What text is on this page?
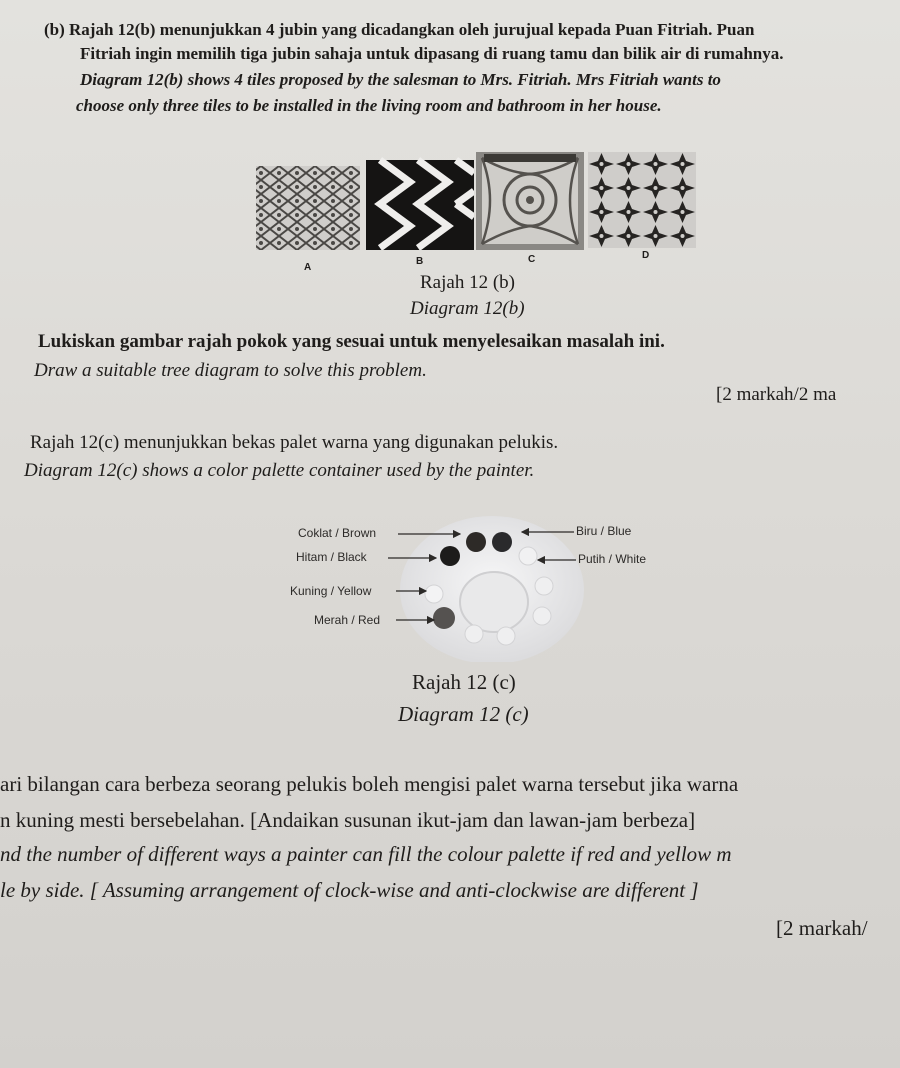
(b) Rajah 12(b) menunjukkan 4 jubin yang dicadangkan oleh jurujual kepada Puan Fitriah. Puan
Fitriah ingin memilih tiga jubin sahaja untuk dipasang di ruang tamu dan bilik air di rumahnya.
Diagram 12(b) shows 4 tiles proposed by the salesman to Mrs. Fitriah. Mrs Fitriah wants to
choose only three tiles to be installed in the living room and bathroom in her house.
A
B	C	D
Rajah 12 (b)
Diagram 12(b)
Lukiskan gambar rajah pokok yang sesuai untuk menyelesaikan masalah ini.
Draw a suitable tree diagram to solve this problem.
[2 markah/2 ma
Rajah 12(c) menunjukkan bekas palet warna yang digunakan pelukis.
Diagram 12(c) shows a color palette container used by the painter.
Coklat / Brown
Hitam / Black
Kuning / Yellow
Merah / Red
Biru / Blue
Putih / White
Rajah 12 (c)
Diagram 12 (c)
ari bilangan cara berbeza seorang pelukis boleh mengisi palet warna tersebut jika warna
n kuning mesti bersebelahan. [Andaikan susunan ikut-jam dan lawan-jam berbeza]
nd the number of different ways a painter can fill the colour palette if red and yellow m
le by side. [ Assuming arrangement of clock-wise and anti-clockwise are different ]
[2 markah/
